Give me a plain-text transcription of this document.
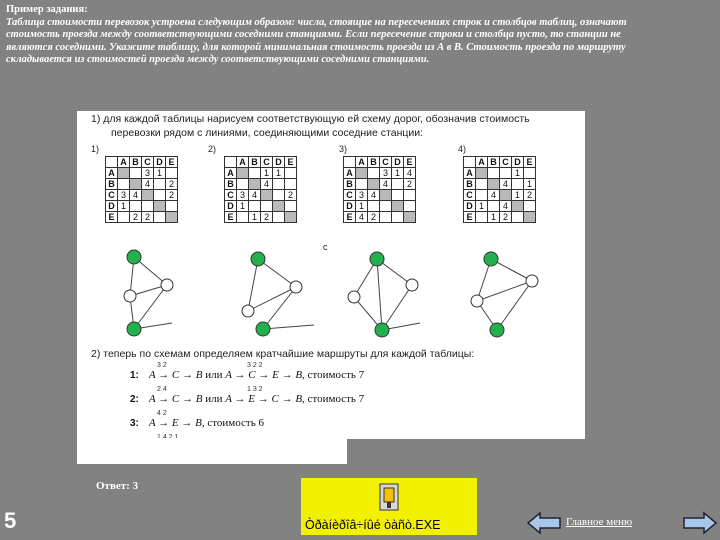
Пример задания:
Таблица стоимости перевозок устроена следующим образом: числа, стоящие на пересечениях строк и столбцов таблиц, означают стоимость проезда между соответствующими соседними станциями. Если пересечение строки и столбца пусто, то станции не являются соседними. Укажите таблицу, для которой минимальная стоимость проезда из А в В. Стоимость проезда по маршруту складывается из стоимостей проезда между соответствующими соседними станциями.
1) для каждой таблицы нарисуем соответствующую ей схему дорог, обозначив стоимость
перевозки рядом с линиями, соединяющими соседние станции:
1)	2)	3)	4)
c
	A	B	C	D	E
A			3	1	
B			4		2
C	3	4			2
D	1				
E		2	2		
	A	B	C	D	E
A			1	1	
B			4		
C	3	4			2
D	1				
E		1	2		
	A	B	C	D	E
A			3	1	4
B			4		2
C	3	4			
D	1				
E	4	2			
	A	B	C	D	E
A				1	
B			4		1
C		4		1	2
D	1		4		
E		1	2		
2) теперь по схемам определяем кратчайшие маршруты для каждой таблицы:
1: A → C → B или A → C → E → B, стоимость 7
3 2	3 2 2
2: A → C → B или A → E → C → B, стоимость 7
2 4	1 3 2
3: A → E → B, стоимость 6
4 2
Ответ: 3
5	Òðàíèðîâ÷íûé òàñò.EXE	Главное меню
